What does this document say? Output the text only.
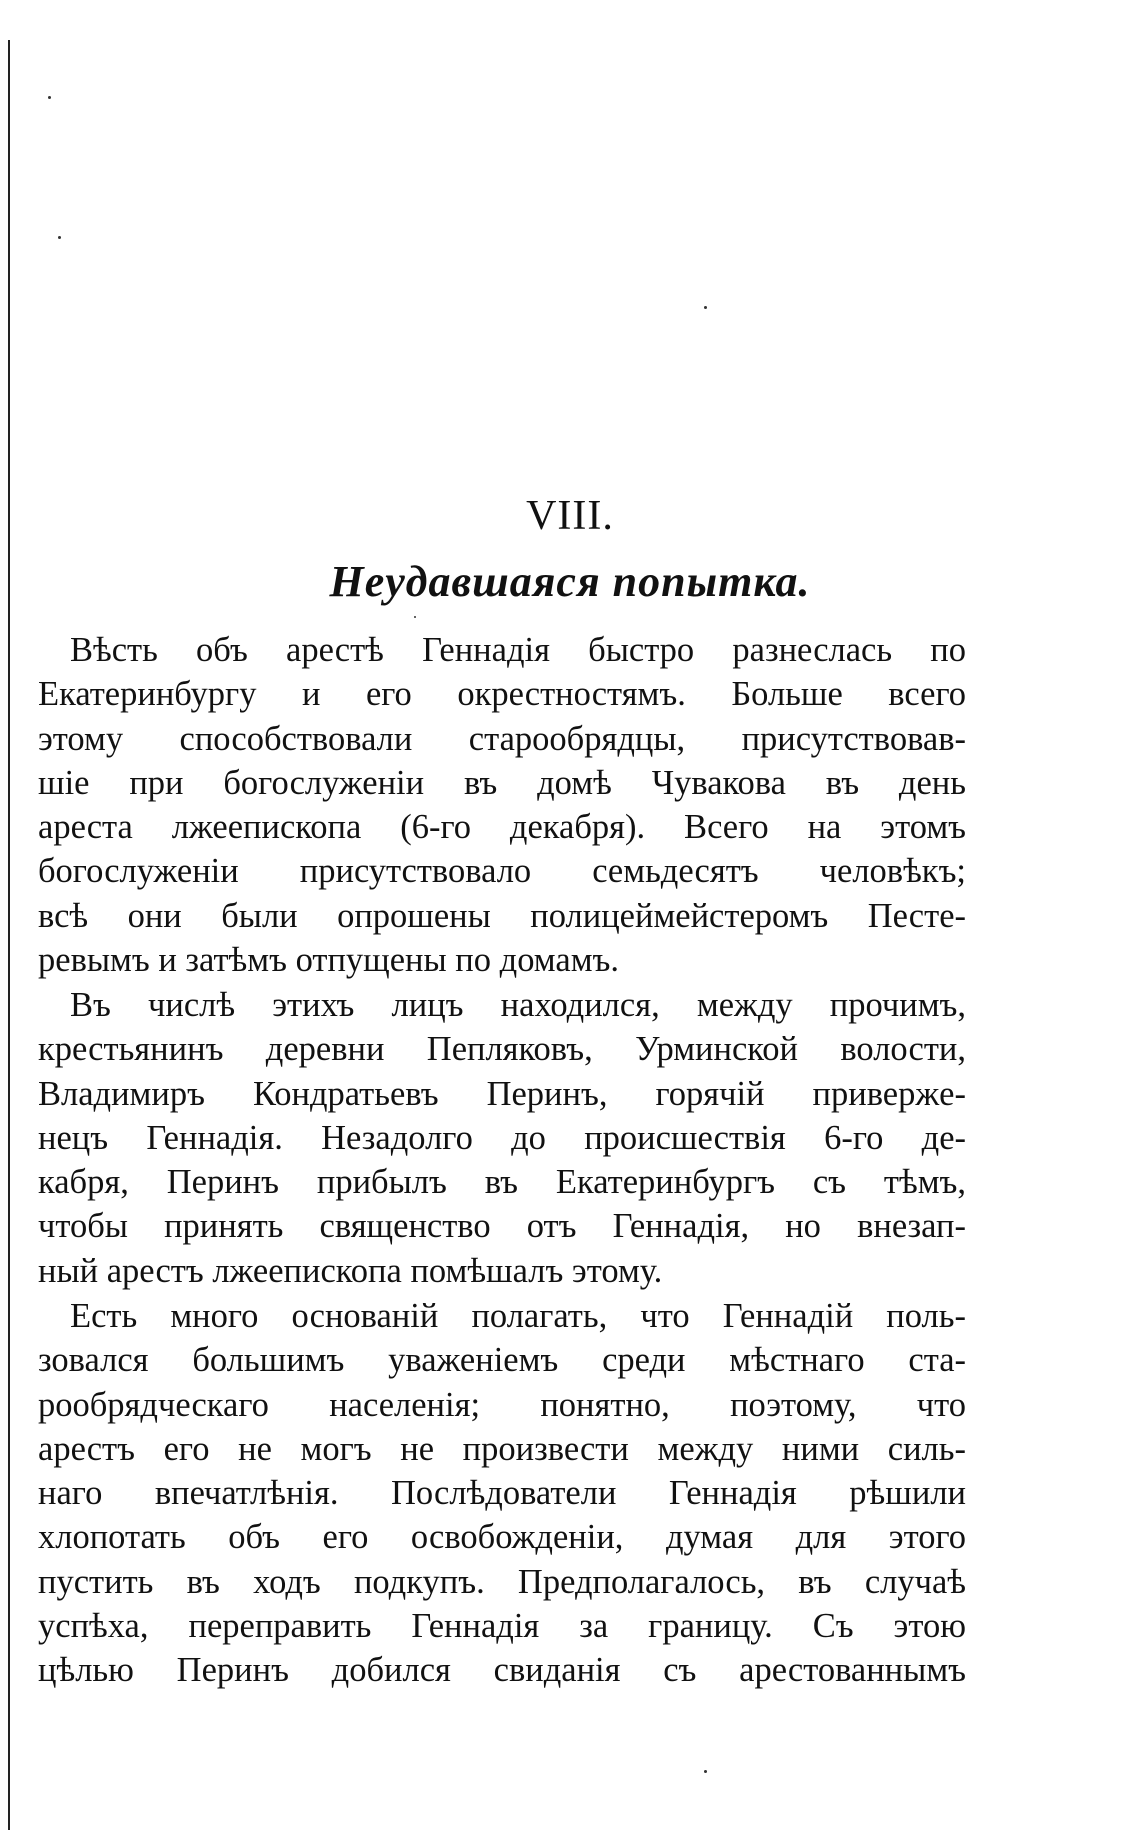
VIII.
Неудавшаяся попытка.
Вѣсть объ арестѣ Геннадія быстро разнеслась по
Екатеринбургу и его окрестностямъ. Больше всего
этому способствовали старообрядцы, присутствовав-
шіе при богослуженіи въ домѣ Чувакова въ день
ареста лжеепископа (6-го декабря). Всего на этомъ
богослуженіи присутствовало семьдесятъ человѣкъ;
всѣ они были опрошены полицеймейстеромъ Песте-
ревымъ и затѣмъ отпущены по домамъ.
Въ числѣ этихъ лицъ находился, между прочимъ,
крестьянинъ деревни Пепляковъ, Урминской волости,
Владимиръ Кондратьевъ Перинъ, горячій привержe-
нецъ Геннадія. Незадолго до происшествія 6-го де-
кабря, Перинъ прибылъ въ Екатеринбургъ съ тѣмъ,
чтобы принять священство отъ Геннадія, но внезап-
ный арестъ лжеепископа помѣшалъ этому.
Есть много основаній полагать, что Геннадій поль-
зовался большимъ уваженіемъ среди мѣстнаго ста-
рообрядческаго населенія; понятно, поэтому, что
арестъ его не могъ не произвести между ними силь-
наго впечатлѣнія. Послѣдователи Геннадія рѣшили
хлопотать объ его освобожденіи, думая для этого
пустить въ ходъ подкупъ. Предполагалось, въ случаѣ
успѣха, переправить Геннадія за границу. Съ этою
цѣлью Перинъ добился свиданія съ арестованнымъ
